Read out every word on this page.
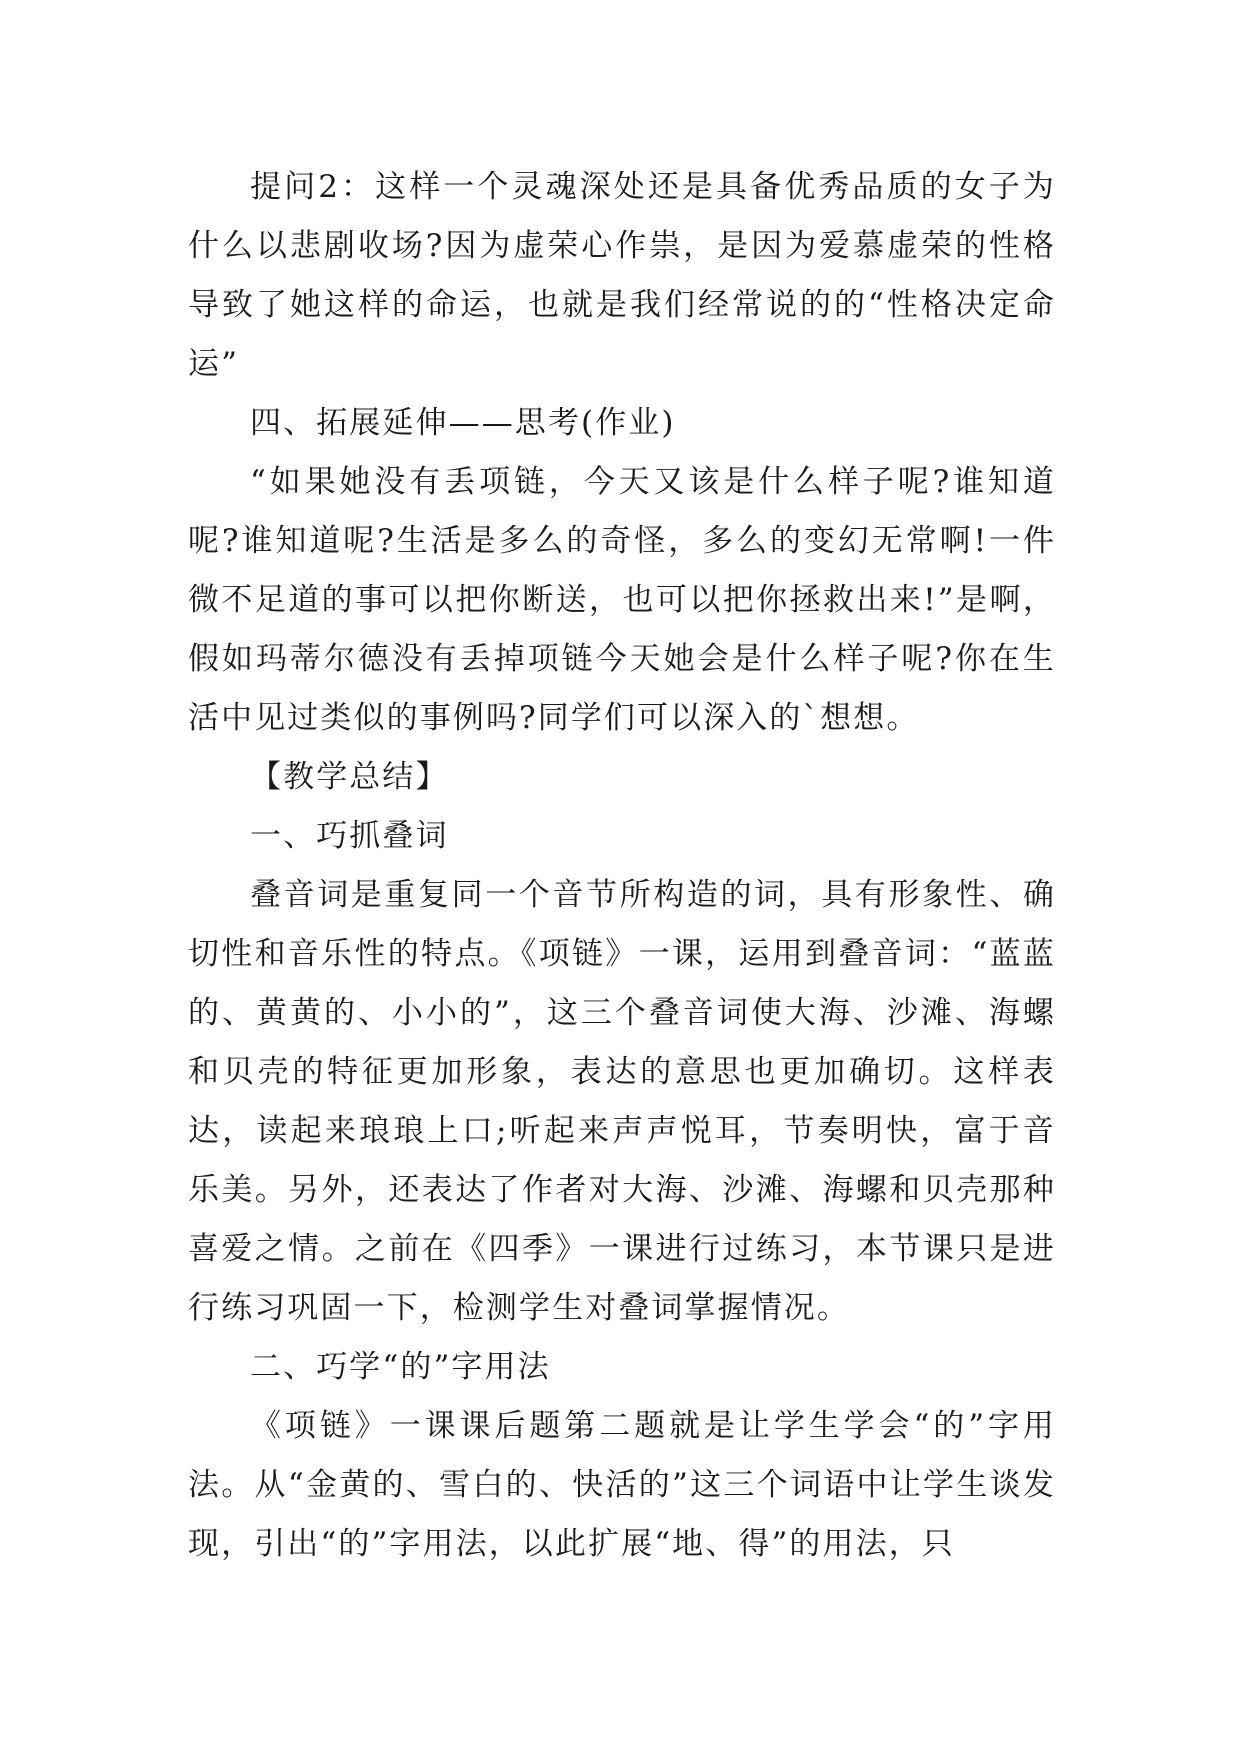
提问2：这样一个灵魂深处还是具备优秀品质的女子为什么以悲剧收场?因为虚荣心作祟，是因为爱慕虚荣的性格导致了她这样的命运，也就是我们经常说的的“性格决定命运”

四、拓展延伸——思考(作业)

“如果她没有丢项链，今天又该是什么样子呢?谁知道呢?谁知道呢?生活是多么的奇怪，多么的变幻无常啊!一件微不足道的事可以把你断送，也可以把你拯救出来!”是啊，假如玛蒂尔德没有丢掉项链今天她会是什么样子呢?你在生活中见过类似的事例吗?同学们可以深入的`想想。

【教学总结】

一、巧抓叠词

叠音词是重复同一个音节所构造的词，具有形象性、确切性和音乐性的特点。《项链》一课，运用到叠音词：“蓝蓝的、黄黄的、小小的”，这三个叠音词使大海、沙滩、海螺和贝壳的特征更加形象，表达的意思也更加确切。这样表达，读起来琅琅上口;听起来声声悦耳，节奏明快，富于音乐美。另外，还表达了作者对大海、沙滩、海螺和贝壳那种喜爱之情。之前在《四季》一课进行过练习，本节课只是进行练习巩固一下，检测学生对叠词掌握情况。

二、巧学“的”字用法

《项链》一课课后题第二题就是让学生学会“的”字用法。从“金黄的、雪白的、快活的”这三个词语中让学生谈发现，引出“的”字用法，以此扩展“地、得”的用法，只
